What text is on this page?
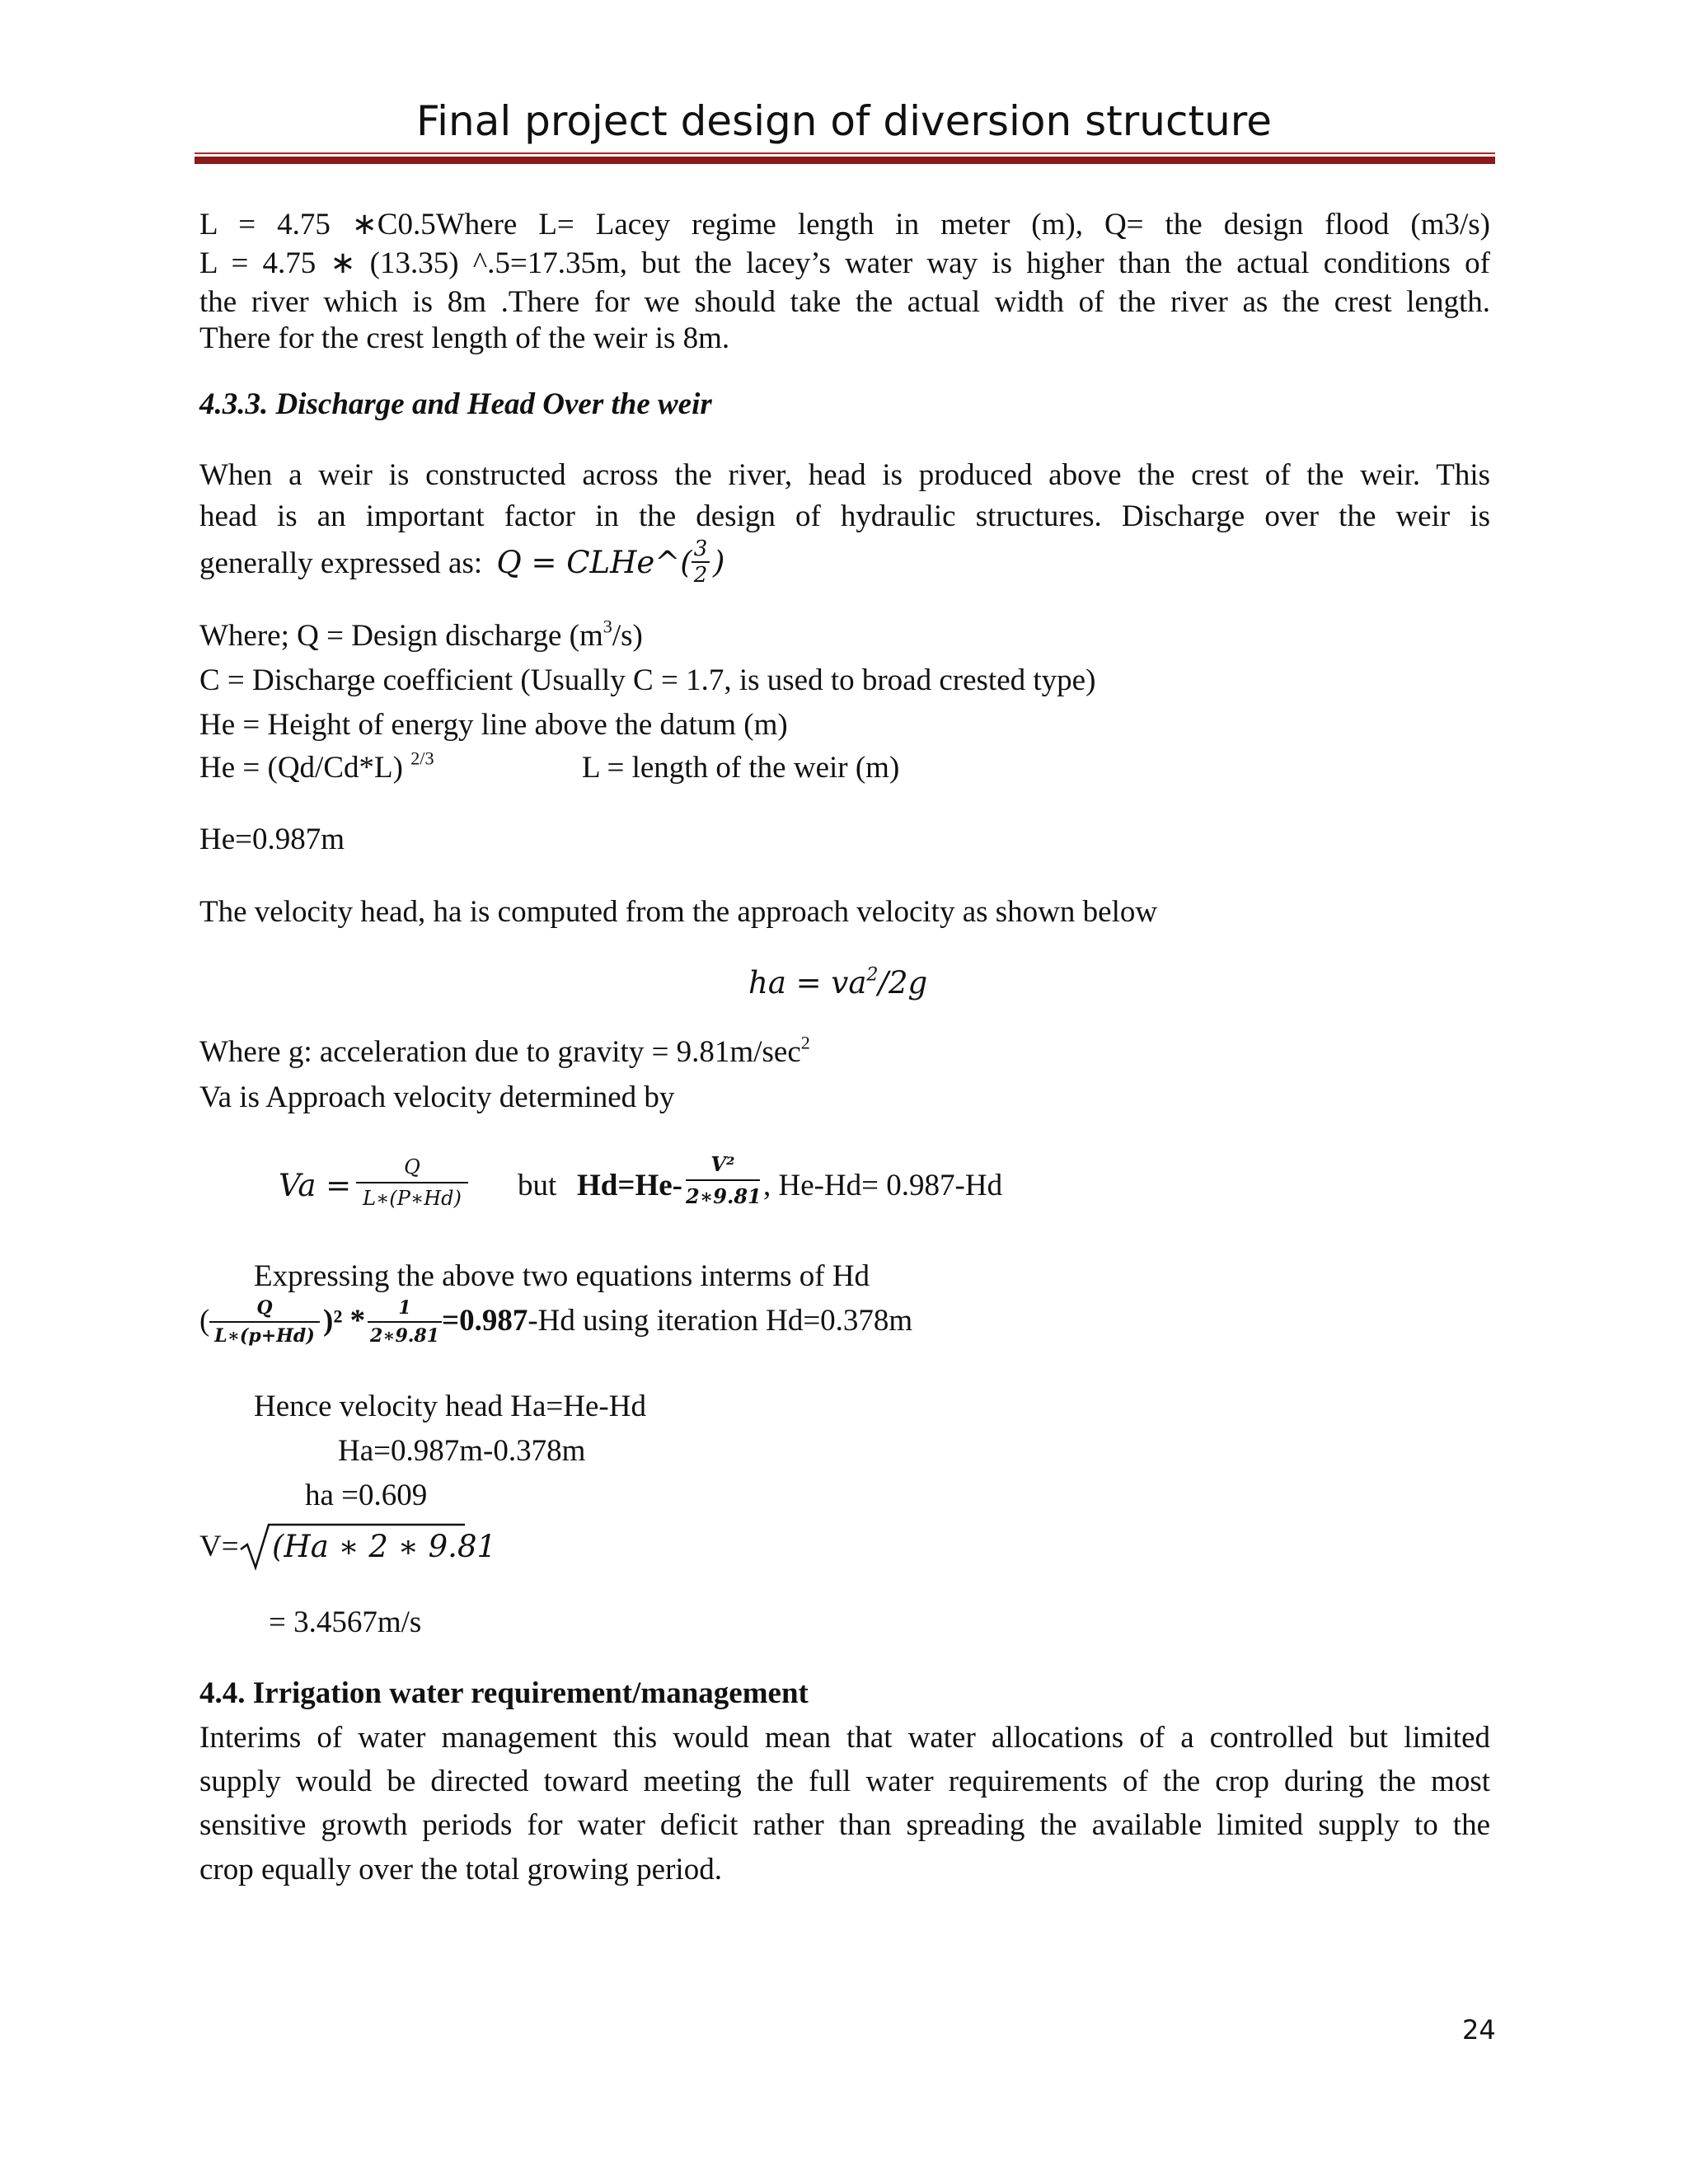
Final project design of diversion structure
L = 4.75 ∗C0.5Where L= Lacey regime length in meter (m), Q= the design flood (m3/s)
L = 4.75 ∗ (13.35) ^.5=17.35m, but the lacey’s water way is higher than the actual conditions of
the river which is 8m .There for we should take the actual width of the river as the crest length.
There for the crest length of the weir is 8m.
4.3.3. Discharge and Head Over the weir
When a weir is constructed across the river, head is produced above the crest of the weir. This
head is an important factor in the design of hydraulic structures. Discharge over the weir is
generally expressed as: Q = CLHe^( 3
2 )
Where; Q = Design discharge $(m^3/s)$
C = Discharge coefficient (Usually C = 1.7, is used to broad crested type)
He = Height of energy line above the datum (m)
He = (Qd/Cd*L) $^{2/3}$	L = length of the weir (m)
He=0.987m
The velocity head, ha is computed from the approach velocity as shown below
ha = $va^2/2g$
Where g: acceleration due to gravity = $9.81m/\sec^2$
Va is Approach velocity determined by
Va =
Q
L∗(P∗Hd) but Hd=He-
V²
2∗9.81 , He-Hd= 0.987-Hd
Expressing the above two equations interms of Hd
(	Q
L∗(p+Hd) )² *	1
2∗9.81 =0.987-Hd using iteration Hd=0.378m
Hence velocity head Ha=He-Hd
Ha=0.987m-0.378m
ha =0.609
V= (Ha ∗ 2 ∗ 9.81
= 3.4567m/s
4.4. Irrigation water requirement/management
Interims of water management this would mean that water allocations of a controlled but limited
supply would be directed toward meeting the full water requirements of the crop during the most
sensitive growth periods for water deficit rather than spreading the available limited supply to the
crop equally over the total growing period.
24
